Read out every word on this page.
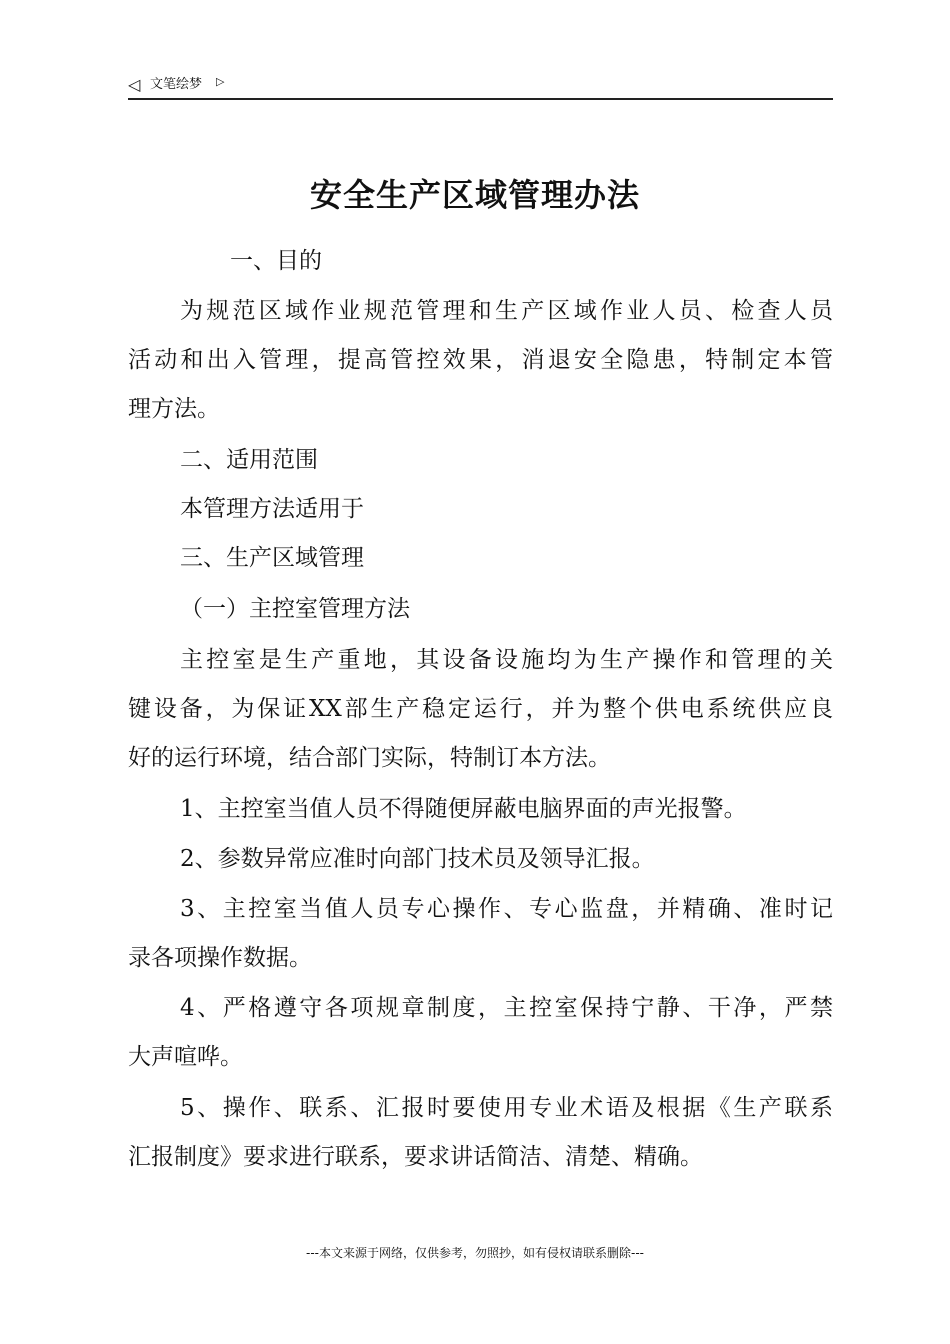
◁ 文笔绘梦 ▷
安全生产区域管理办法
一、目的
为规范区域作业规范管理和生产区域作业人员、检查人员
活动和出入管理，提高管控效果，消退安全隐患，特制定本管
理方法。
二、适用范围
本管理方法适用于
三、生产区域管理
（一）主控室管理方法
主控室是生产重地，其设备设施均为生产操作和管理的关
键设备，为保证XX部生产稳定运行，并为整个供电系统供应良
好的运行环境，结合部门实际，特制订本方法。
1、主控室当值人员不得随便屏蔽电脑界面的声光报警。
2、参数异常应准时向部门技术员及领导汇报。
3、主控室当值人员专心操作、专心监盘，并精确、准时记
录各项操作数据。
4、严格遵守各项规章制度，主控室保持宁静、干净，严禁
大声喧哗。
5、操作、联系、汇报时要使用专业术语及根据《生产联系
汇报制度》要求进行联系，要求讲话简洁、清楚、精确。
---本文来源于网络，仅供参考，勿照抄，如有侵权请联系删除---
